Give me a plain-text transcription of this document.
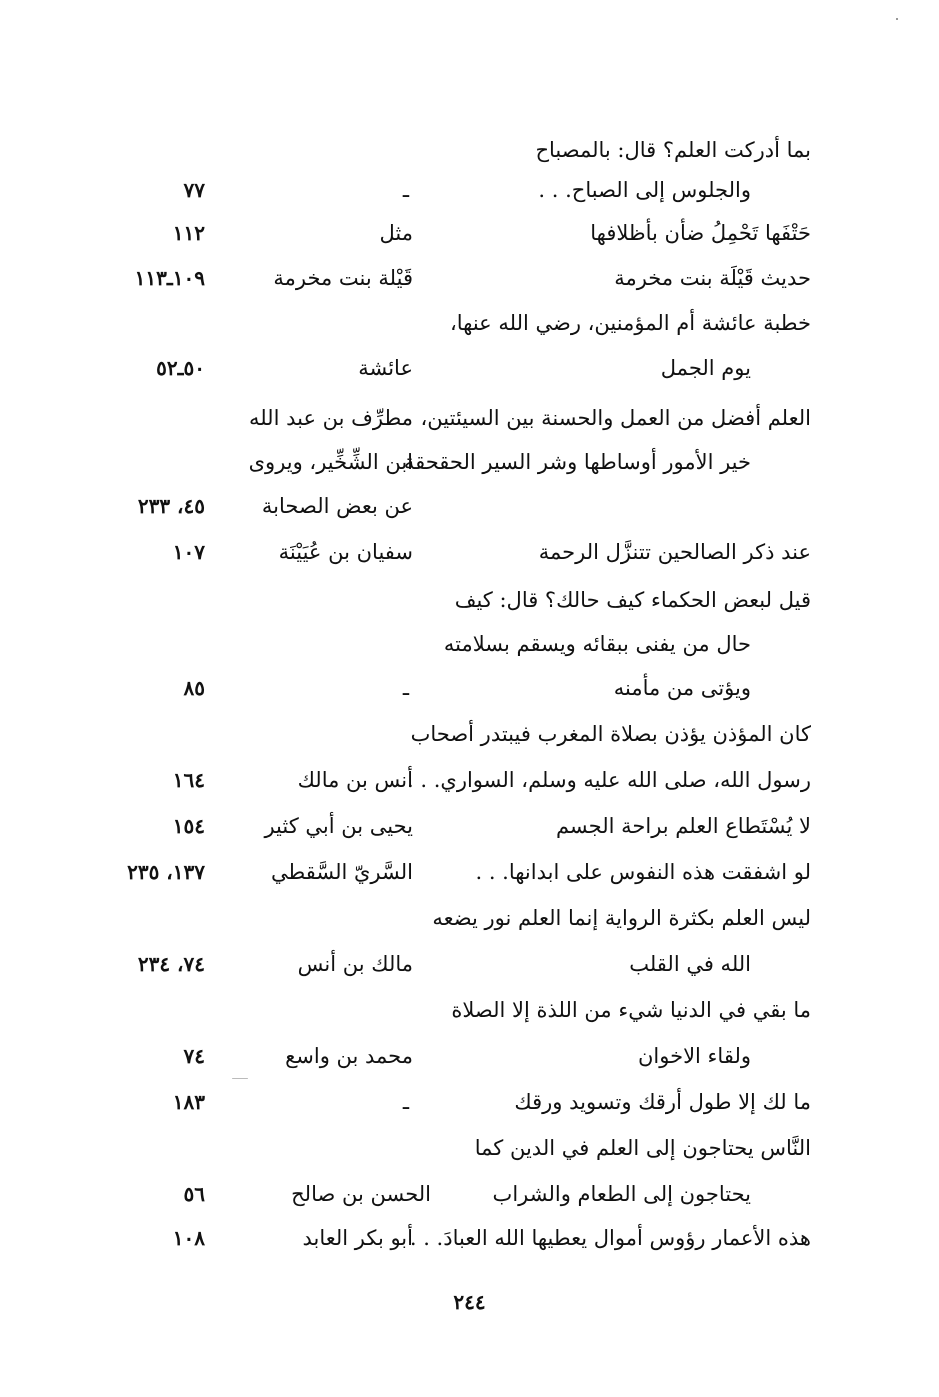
بما أدركت العلم؟ قال: بالمصباح
والجلوس إلى الصباح. . .
ـ
٧٧
حَتْفَها تَحْمِلُ ضأن بأظلافها
مثل
١١٢
حديث قَيْلَة بنت مخرمة
قَيْلة بنت مخرمة
١٠٩ـ١١٣
خطبة عائشة أم المؤمنين، رضي الله عنها،
يوم الجمل
عائشة
٥٠ـ٥٢
العلم أفضل من العمل والحسنة بين السيئتين،
مطرِّف بن عبد الله
خير الأمور أوساطها وشر السير الحقحقة
ابن الشِّخِّير، ويروى
عن بعض الصحابة
٤٥، ٢٣٣
عند ذكر الصالحين تتنزَّل الرحمة
سفيان بن عُيَيْنَة
١٠٧
قيل لبعض الحكماء كيف حالك؟ قال: كيف
حال من يفنى ببقائه ويسقم بسلامته
ويؤتى من مأمنه
ـ
٨٥
كان المؤذن يؤذن بصلاة المغرب فيبتدر أصحاب
رسول الله، صلى الله عليه وسلم، السواري. . .
أنس بن مالك
١٦٤
لا يُسْتَطاع العلم براحة الجسم
يحيى بن أبي كثير
١٥٤
لو اشفقت هذه النفوس على ابدانها. . .
السَّريّ السَّقطي
١٣٧، ٢٣٥
ليس العلم بكثرة الرواية إنما العلم نور يضعه
الله في القلب
مالك بن أنس
٧٤، ٢٣٤
ما بقي في الدنيا شيء من اللذة إلا الصلاة
ولقاء الاخوان
محمد بن واسع
٧٤
ما لك إلا طول أرقك وتسويد ورقك
ـ
١٨٣
النَّاس يحتاجون إلى العلم في الدين كما
يحتاجون إلى الطعام والشراب
الحسن بن صالح
٥٦
هذه الأعمار رؤوس أموال يعطيها الله العبادَ. . .
أبو بكر العابد
١٠٨
٢٤٤
